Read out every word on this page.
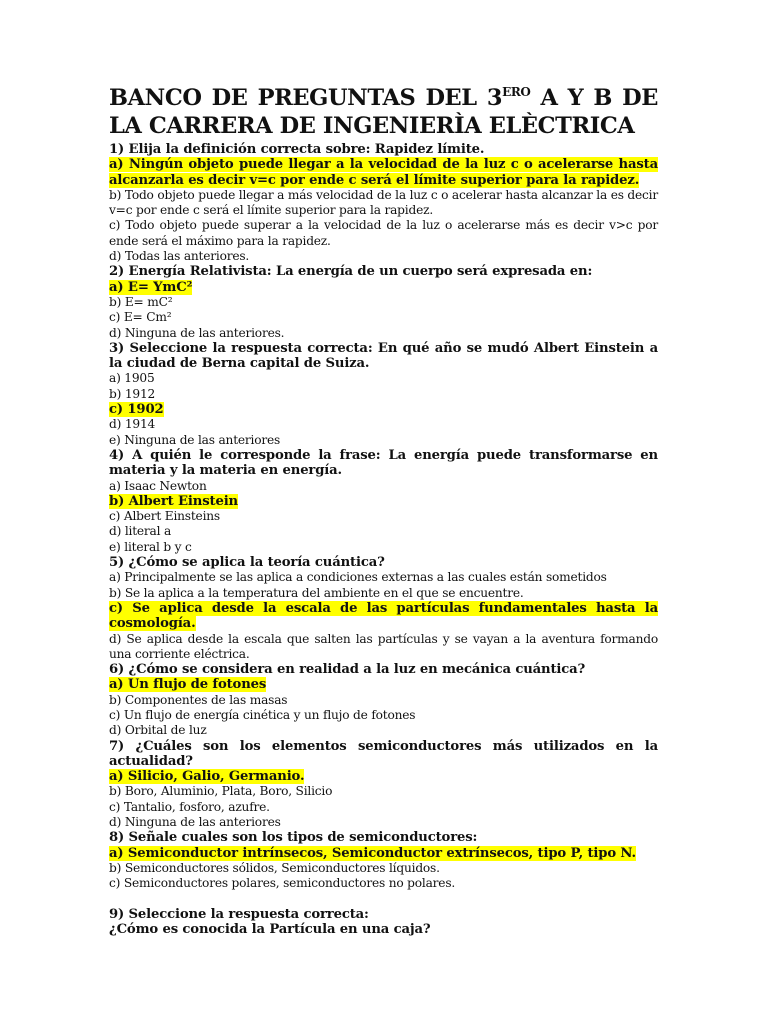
BANCO DE PREGUNTAS DEL $3^{ERO}$ A Y B DE LA CARRERA DE INGENIERÌA ELÈCTRICA

1) Elija la definición correcta sobre: Rapidez límite.

a) Ningún objeto puede llegar a la velocidad de la luz c o acelerarse hasta alcanzarla es decir v=c por ende c será el límite superior para la rapidez.

b) Todo objeto puede llegar a más velocidad de la luz c o acelerar hasta alcanzar la es decir v=c por ende c será el límite superior para la rapidez.

c) Todo objeto puede superar a la velocidad de la luz o acelerarse más es decir v>c por ende será el máximo para la rapidez.

d) Todas las anteriores.

2) Energía Relativista: La energía de un cuerpo será expresada en:

a) E= YmC²

b) E= mC²

c) E= Cm²

d) Ninguna de las anteriores.

3) Seleccione la respuesta correcta: En qué año se mudó Albert Einstein a la ciudad de Berna capital de Suiza.

a) 1905

b) 1912

c) 1902

d) 1914

e) Ninguna de las anteriores

4) A quién le corresponde la frase: La energía puede transformarse en materia y la materia en energía.

a) Isaac Newton

b) Albert Einstein

c) Albert Einsteins

d) literal a

e) literal b y c

5) ¿Cómo se aplica la teoría cuántica?

a) Principalmente se las aplica a condiciones externas a las cuales están sometidos

b) Se la aplica a la temperatura del ambiente en el que se encuentre.

c) Se aplica desde la escala de las partículas fundamentales hasta la cosmología.

d) Se aplica desde la escala que salten las partículas y se vayan a la aventura formando una corriente eléctrica.

6) ¿Cómo se considera en realidad a la luz en mecánica cuántica?

a) Un flujo de fotones

b) Componentes de las masas

c) Un flujo de energía cinética y un flujo de fotones

d) Orbital de luz

7) ¿Cuáles son los elementos semiconductores más utilizados en la actualidad?

a) Silicio, Galio, Germanio.

b) Boro, Aluminio, Plata, Boro, Silicio

c) Tantalio, fosforo, azufre.

d) Ninguna de las anteriores

8) Señale cuales son los tipos de semiconductores:

a) Semiconductor intrínsecos, Semiconductor extrínsecos, tipo P, tipo N.

b) Semiconductores sólidos, Semiconductores líquidos.

c) Semiconductores polares, semiconductores no polares.

9) Seleccione la respuesta correcta:

¿Cómo es conocida la Partícula en una caja?
